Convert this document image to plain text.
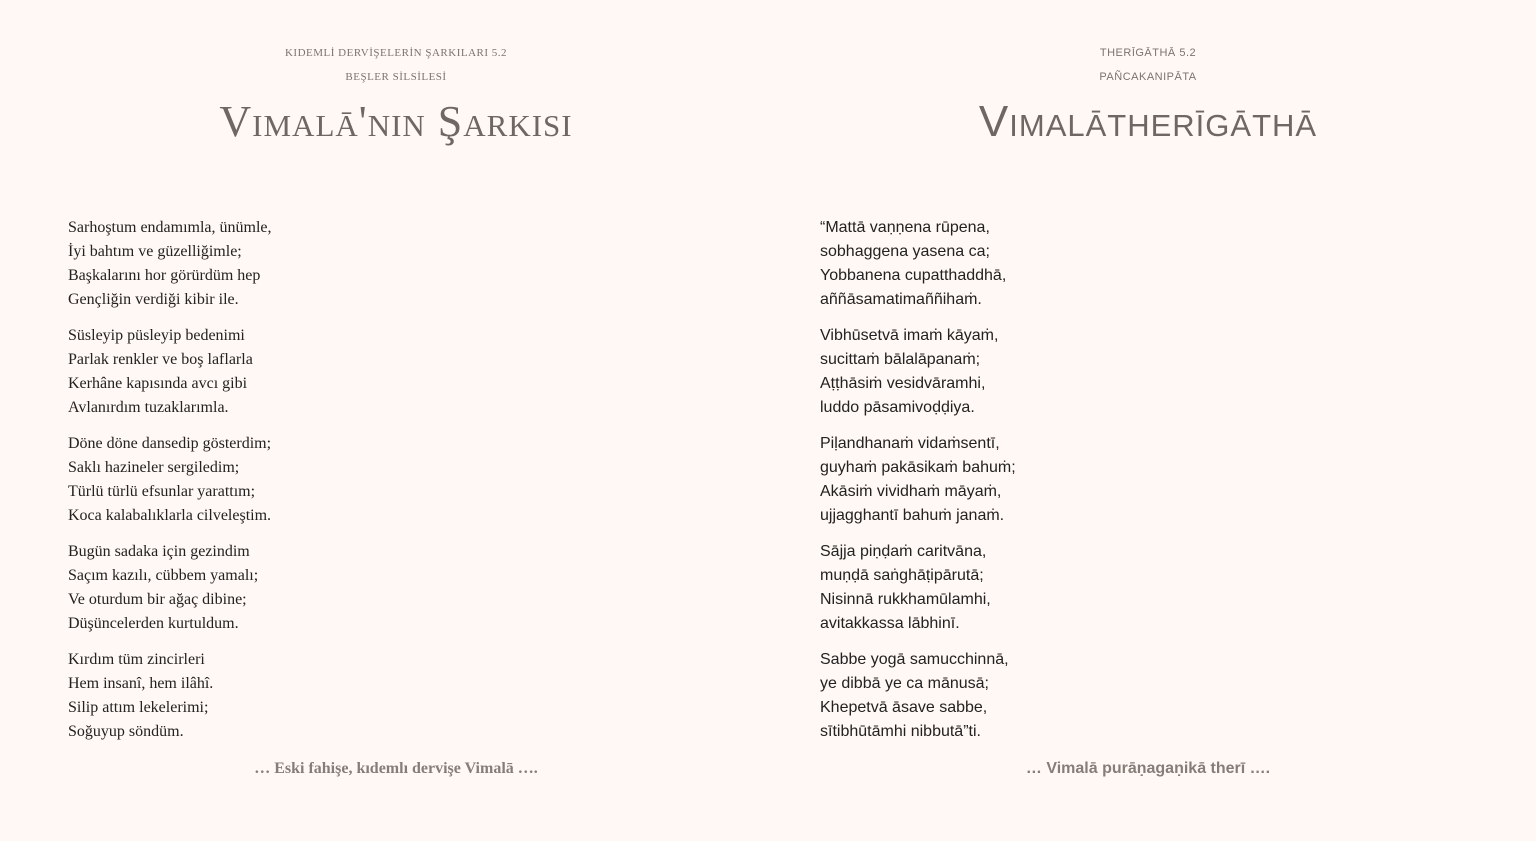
KIDEMLİ DERVİŞELERİN ŞARKILARI 5.2
BEŞLER SİLSİLESİ
Vimalā'nın Şarkısı
Sarhoştum endamımla, ünümle,
İyi bahtım ve güzelliğimle;
Başkalarını hor görürdüm hep
Gençliğin verdiği kibir ile.
Süsleyip püsleyip bedenimi
Parlak renkler ve boş laflarla
Kerhâne kapısında avcı gibi
Avlanırdım tuzaklarımla.
Döne döne dansedip gösterdim;
Saklı hazineler sergiledim;
Türlü türlü efsunlar yarattım;
Koca kalabalıklarla cilveleştim.
Bugün sadaka için gezindim
Saçım kazılı, cübbem yamalı;
Ve oturdum bir ağaç dibine;
Düşüncelerden kurtuldum.
Kırdım tüm zincirleri
Hem insanî, hem ilâhî.
Silip attım lekelerimi;
Soğuyup söndüm.
… Eski fahişe, kıdemlı dervişe Vimalā ….
THERĪGĀTHĀ 5.2
PAÑCAKANIPĀTA
Vimalātherīgāthā
“Mattā vaṇṇena rūpena,
sobhaggena yasena ca;
Yobbanena cupatthaddhā,
aññāsamatimaññihaṁ.
Vibhūsetvā imaṁ kāyaṁ,
sucittaṁ bālalāpanaṁ;
Aṭṭhāsiṁ vesidvāramhi,
luddo pāsamivoḍḍiya.
Piḷandhanaṁ vidaṁsentī,
guyhaṁ pakāsikaṁ bahuṁ;
Akāsiṁ vividhaṁ māyaṁ,
ujjagghantī bahuṁ janaṁ.
Sājja piṇḍaṁ caritvāna,
muṇḍā saṅghāṭipārutā;
Nisinnā rukkhamūlamhi,
avitakkassa lābhinī.
Sabbe yogā samucchinnā,
ye dibbā ye ca mānusā;
Khepetvā āsave sabbe,
sītibhūtāmhi nibbutā”ti.
… Vimalā purāṇagaṇikā therī ….
